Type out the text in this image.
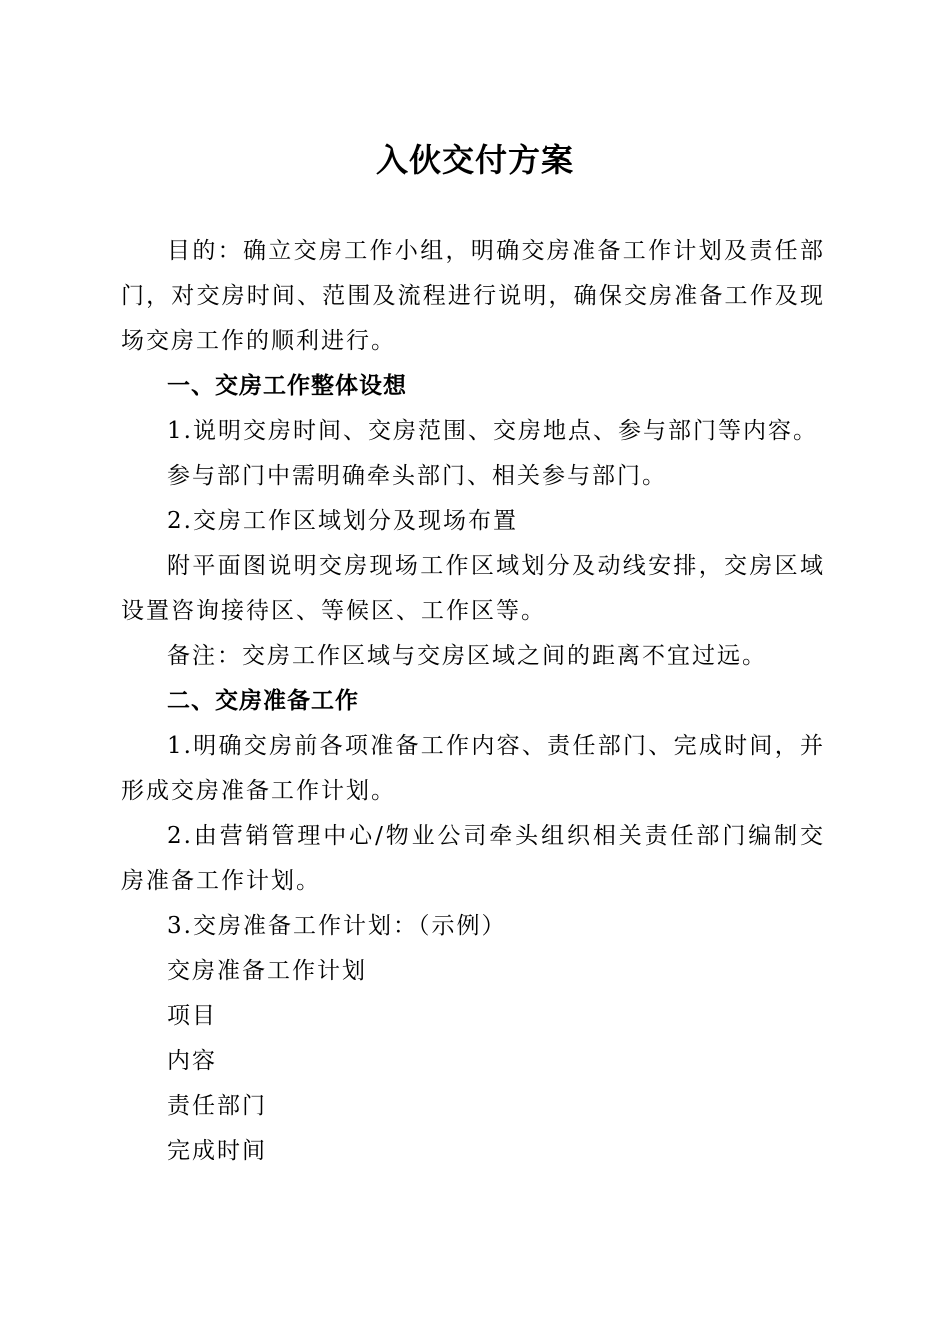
入伙交付方案

目的：确立交房工作小组，明确交房准备工作计划及责任部门，对交房时间、范围及流程进行说明，确保交房准备工作及现场交房工作的顺利进行。

一、交房工作整体设想

1.说明交房时间、交房范围、交房地点、参与部门等内容。

参与部门中需明确牵头部门、相关参与部门。

2.交房工作区域划分及现场布置

附平面图说明交房现场工作区域划分及动线安排，交房区域设置咨询接待区、等候区、工作区等。

备注：交房工作区域与交房区域之间的距离不宜过远。

二、交房准备工作

1.明确交房前各项准备工作内容、责任部门、完成时间，并形成交房准备工作计划。

2.由营销管理中心/物业公司牵头组织相关责任部门编制交房准备工作计划。

3.交房准备工作计划：（示例）

交房准备工作计划

项目

内容

责任部门

完成时间
